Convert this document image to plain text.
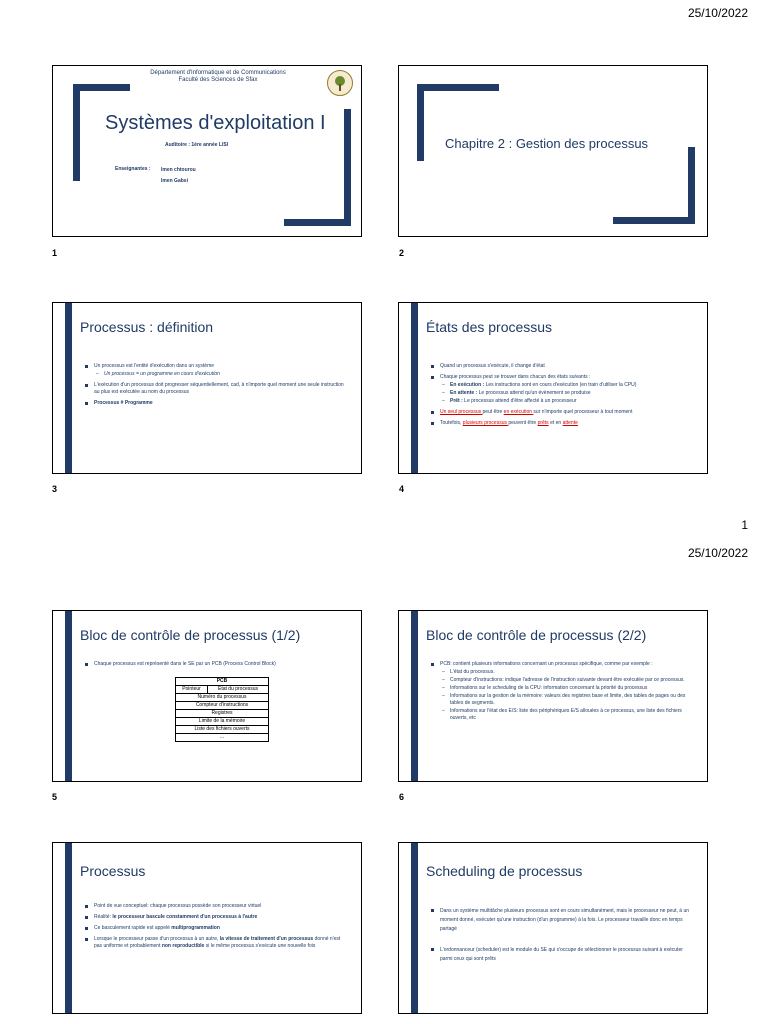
25/10/2022
1
25/10/2022
Département d'Informatique et de Communications
Faculté des Sciences de Sfax
Systèmes d'exploitation I
Auditoire : 1ère année LISI
Enseignantes : Imen chtourou
Imen Gabsi
1
Chapitre 2 : Gestion des processus
2
Processus : définition
Un processus est l'entité d'exécution dans un système
– Un processus = un programme en cours d'exécution
L'exécution d'un processus doit progresser séquentiellement, cad, à n'importe quel moment une seule instruction au plus est exécutée au nom du processus
Processus # Programme
3
États des processus
Quand un processus s'exécute, il change d'état
Chaque processus peut se trouver dans chacun des états suivants :
– En exécution : Les instructions sont en cours d'exécution (en train d'utiliser la CPU)
– En attente : Le processus attend qu'un évènement se produise
– Prêt : Le processus attend d'être affecté à un processeur
Un seul processus peut être en exécution sur n'importe quel processeur à tout moment
Toutefois, plusieurs processus peuvent être prêts et en attente
4
Bloc de contrôle de processus (1/2)
Chaque processus est représenté dans le SE par un PCB (Process Control Block)
PCB
Pointeur	État du processus
Numéro du processus
Compteur d'instructions
Registres
Limite de la mémoire
Liste des fichiers ouverts
…
5
Bloc de contrôle de processus (2/2)
PCB: contient plusieurs informations concernant un processus spécifique, comme par exemple :
– L'état du processus.
– Compteur d'instructions: indique l'adresse de l'instruction suivante devant être exécutée par ce processus.
– Informations sur le scheduling de la CPU: information concernant la priorité du processus
– Informations sur la gestion de la mémoire: valeurs des registres base et limite, des tables de pages ou des tables de segments.
– Informations sur l'état des E/S: liste des périphériques E/S allouées à ce processus, une liste des fichiers ouverts, etc
6
Processus
Point de vue conceptuel: chaque processus possède son processeur virtuel
Réalité: le processeur bascule constamment d'un processus à l'autre
Ce basculement rapide est appelé multiprogrammation
Lorsque le processeur passe d'un processus à un autre, la vitesse de traitement d'un processus donné n'est pas uniforme et probablement non reproductible si le même processus s'exécute une nouvelle fois
Scheduling de processus
Dans un système multitâche plusieurs processus sont en cours simultanément, mais le processeur ne peut, à un moment donné, exécuter qu'une instruction (d'un programme) à la fois. Le processeur travaille donc en temps partagé
L'ordonnanceur (scheduler) est le module du SE qui s'occupe de sélectionner le processus suivant à exécuter parmi ceux qui sont prêts
